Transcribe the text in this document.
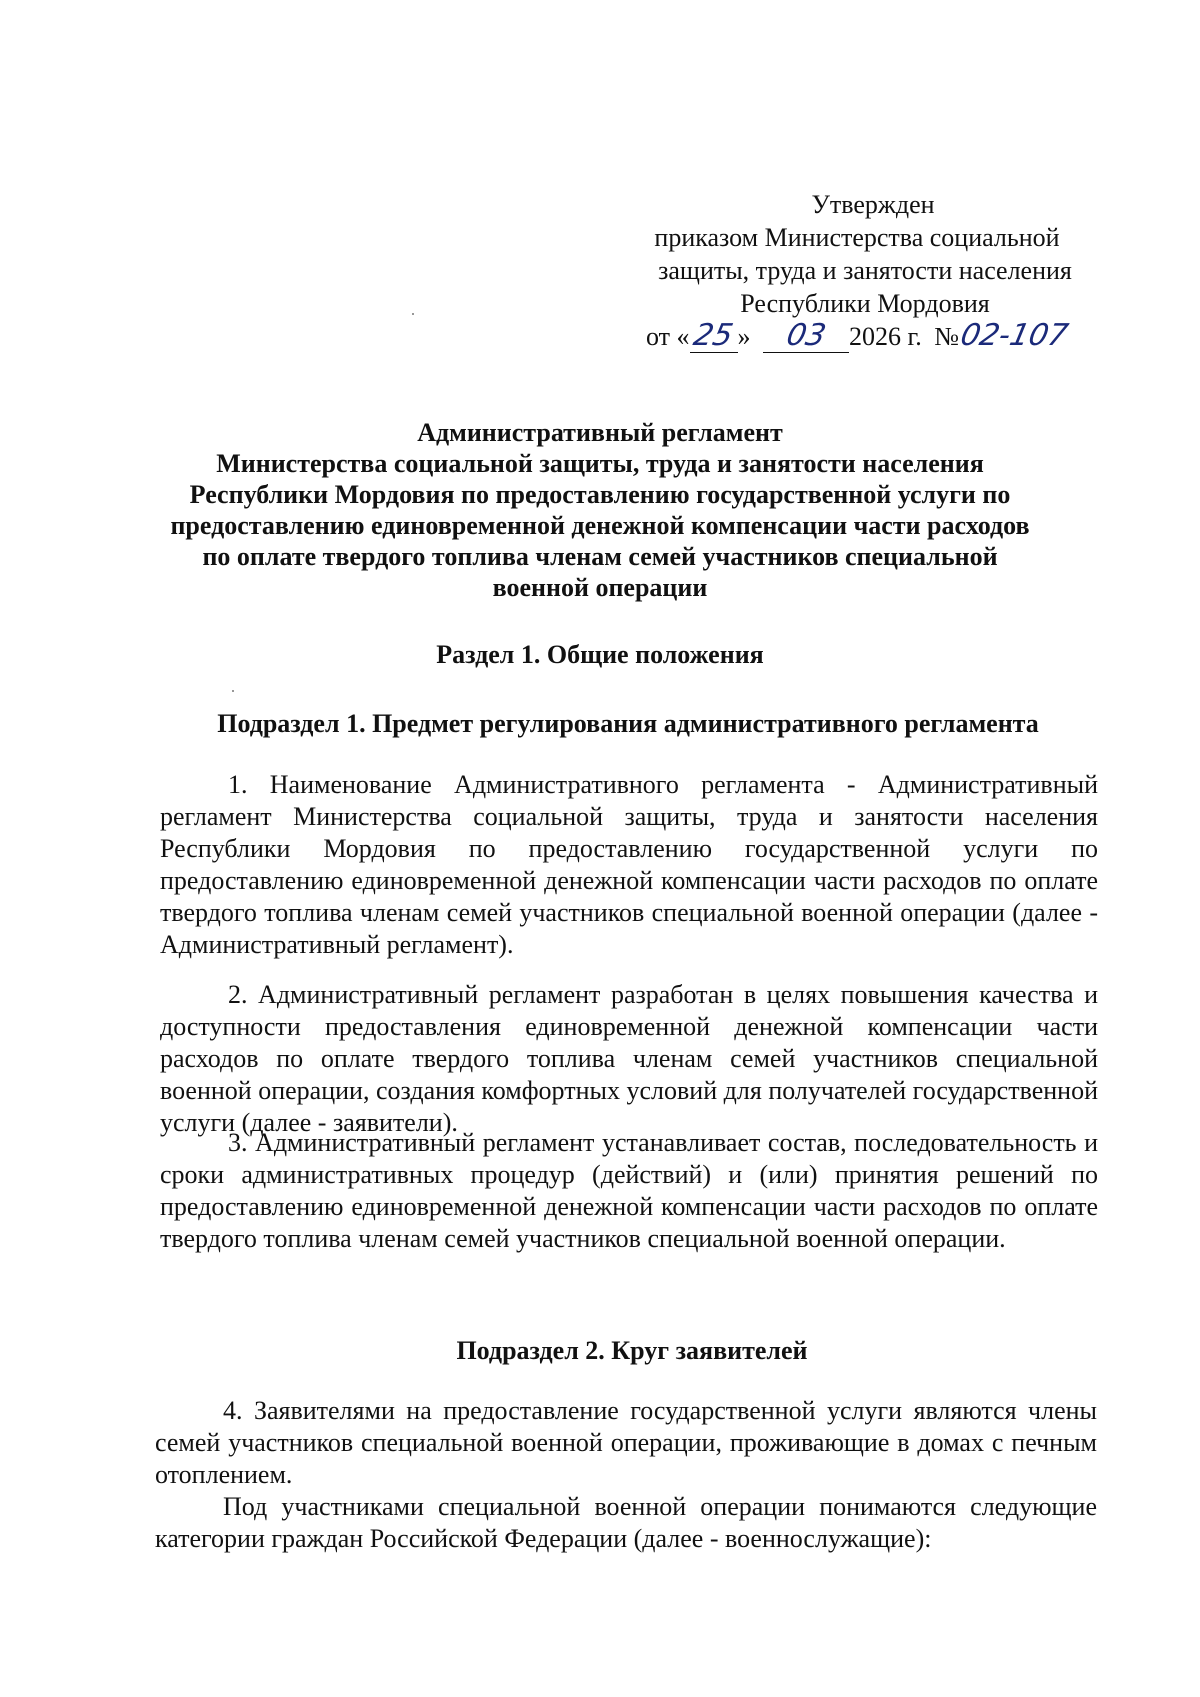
Утвержден
приказом Министерства социальной
защиты, труда и занятости населения
Республики Мордовия
от «25» 03 2026 г. №02-107
Административный регламент
Министерства социальной защиты, труда и занятости населения
Республики Мордовия по предоставлению государственной услуги по
предоставлению единовременной денежной компенсации части расходов
по оплате твердого топлива членам семей участников специальной
военной операции
Раздел 1. Общие положения
Подраздел 1. Предмет регулирования административного регламента
1. Наименование Административного регламента - Административный регламент Министерства социальной защиты, труда и занятости населения Республики Мордовия по предоставлению государственной услуги по предоставлению единовременной денежной компенсации части расходов по оплате твердого топлива членам семей участников специальной военной операции (далее - Административный регламент).
2. Административный регламент разработан в целях повышения качества и доступности предоставления единовременной денежной компенсации части расходов по оплате твердого топлива членам семей участников специальной военной операции, создания комфортных условий для получателей государственной услуги (далее - заявители).
3. Административный регламент устанавливает состав, последовательность и сроки административных процедур (действий) и (или) принятия решений по предоставлению единовременной денежной компенсации части расходов по оплате твердого топлива членам семей участников специальной военной операции.
Подраздел 2. Круг заявителей
4. Заявителями на предоставление государственной услуги являются члены семей участников специальной военной операции, проживающие в домах с печным отоплением.
Под участниками специальной военной операции понимаются следующие категории граждан Российской Федерации (далее - военнослужащие):
